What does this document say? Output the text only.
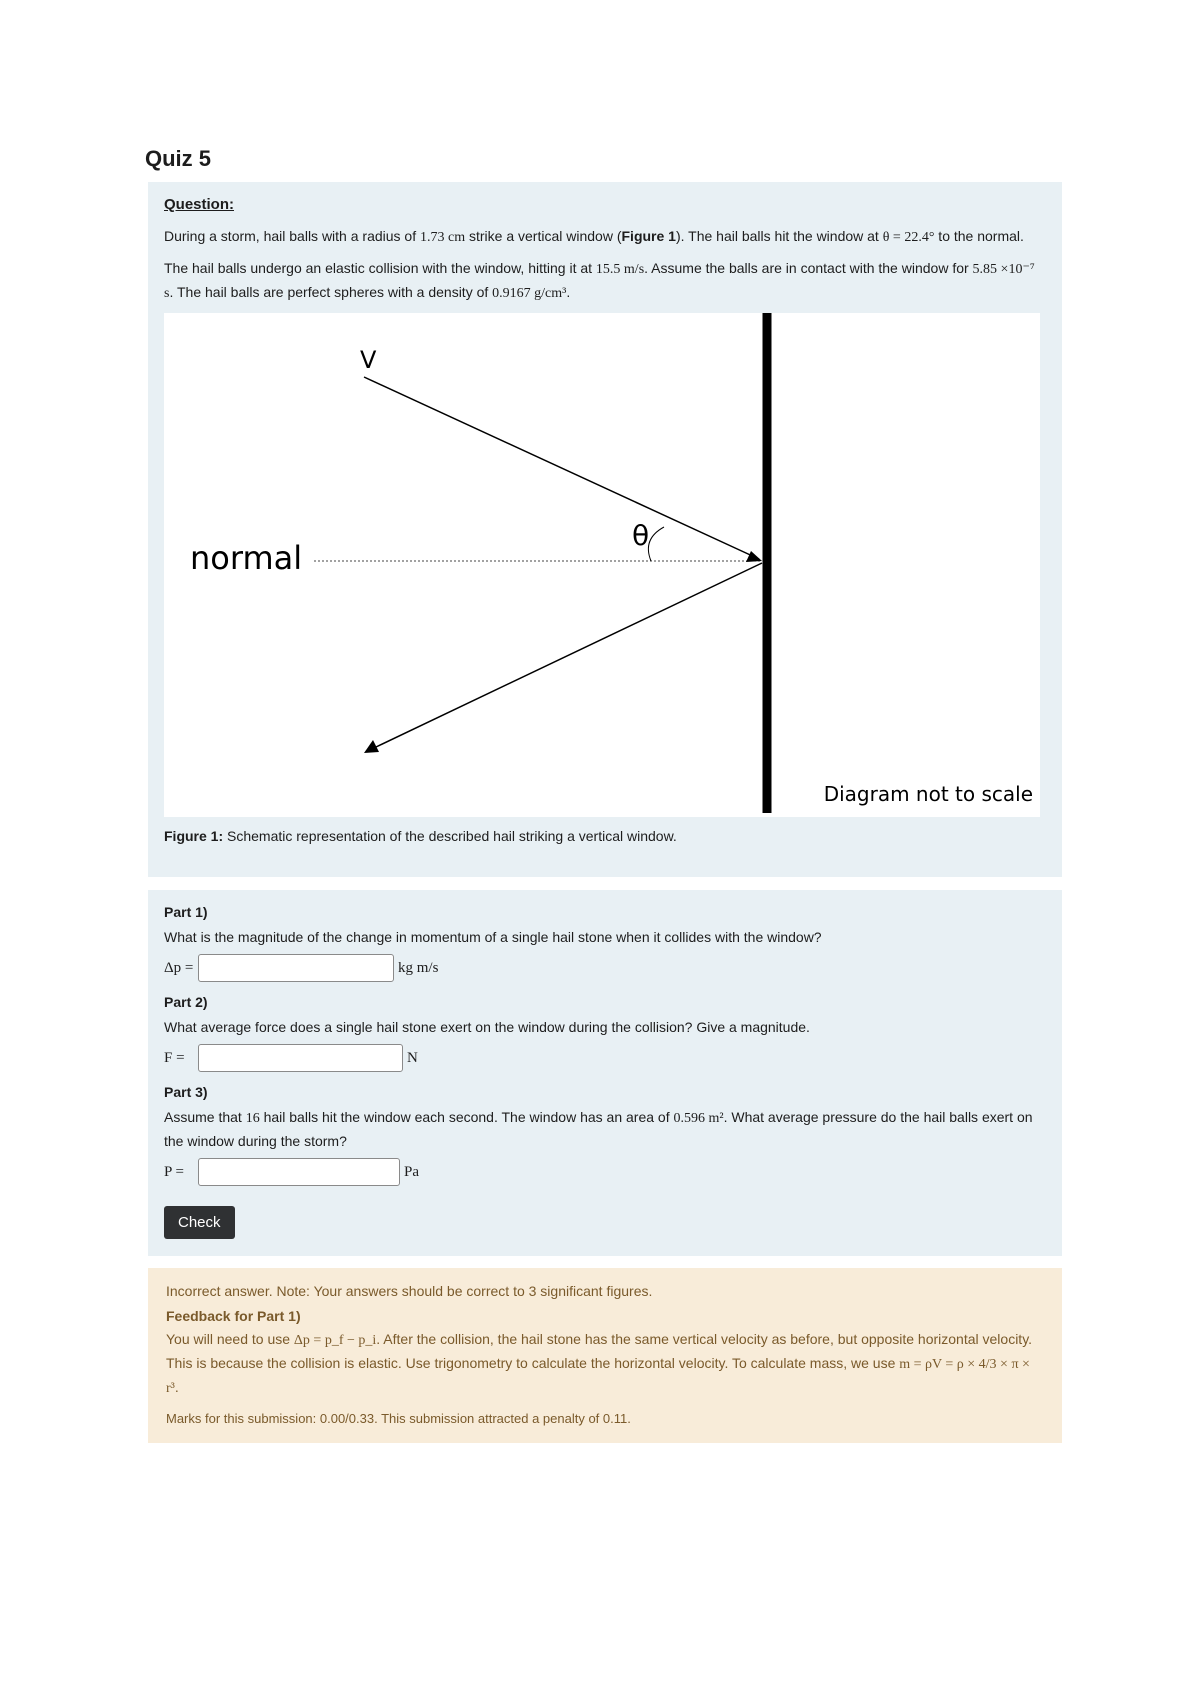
Quiz 5
Question:

During a storm, hail balls with a radius of 1.73 cm strike a vertical window (Figure 1). The hail balls hit the window at θ = 22.4° to the normal.

The hail balls undergo an elastic collision with the window, hitting it at 15.5 m/s. Assume the balls are in contact with the window for 5.85 ×10⁻⁷ s. The hail balls are perfect spheres with a density of 0.9167 g/cm³.

V
θ
normal
Diagram not to scale

Figure 1: Schematic representation of the described hail striking a vertical window.

Part 1)

What is the magnitude of the change in momentum of a single hail stone when it collides with the window?

Δp =	kg m/s
Part 2)

What average force does a single hail stone exert on the window during the collision? Give a magnitude.

F =	N
Part 3)

Assume that 16 hail balls hit the window each second. The window has an area of 0.596 m². What average pressure do the hail balls exert on the window during the storm?

P =	Pa
Check
Incorrect answer. Note: Your answers should be correct to 3 significant figures.
Feedback for Part 1)
You will need to use Δp = p_f − p_i. After the collision, the hail stone has the same vertical velocity as before, but opposite horizontal velocity. This is because the collision is elastic. Use trigonometry to calculate the horizontal velocity. To calculate mass, we use m = ρV = ρ × 4/3 × π × r³.
Marks for this submission: 0.00/0.33. This submission attracted a penalty of 0.11.
